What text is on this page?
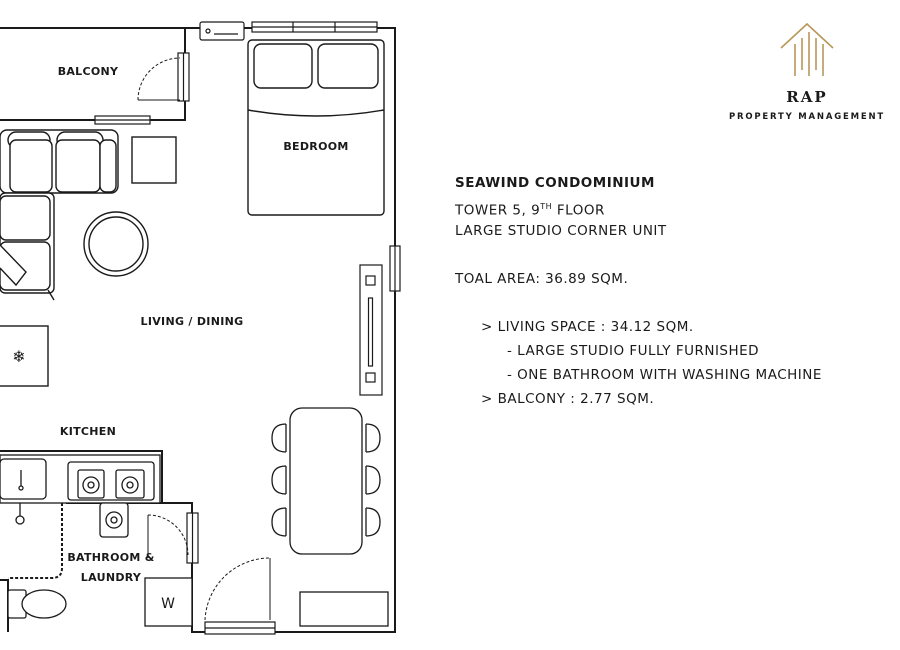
❄
W
BALCONY
BEDROOM
LIVING / DINING
KITCHEN
BATHROOM &
LAUNDRY
RAP
PROPERTY MANAGEMENT
SEAWIND CONDOMINIUM
TOWER 5, 9TH FLOOR
LARGE STUDIO CORNER UNIT
TOAL AREA: 36.89 SQM.
> LIVING SPACE : 34.12 SQM.
- LARGE STUDIO FULLY FURNISHED
- ONE BATHROOM WITH WASHING MACHINE
> BALCONY : 2.77 SQM.
